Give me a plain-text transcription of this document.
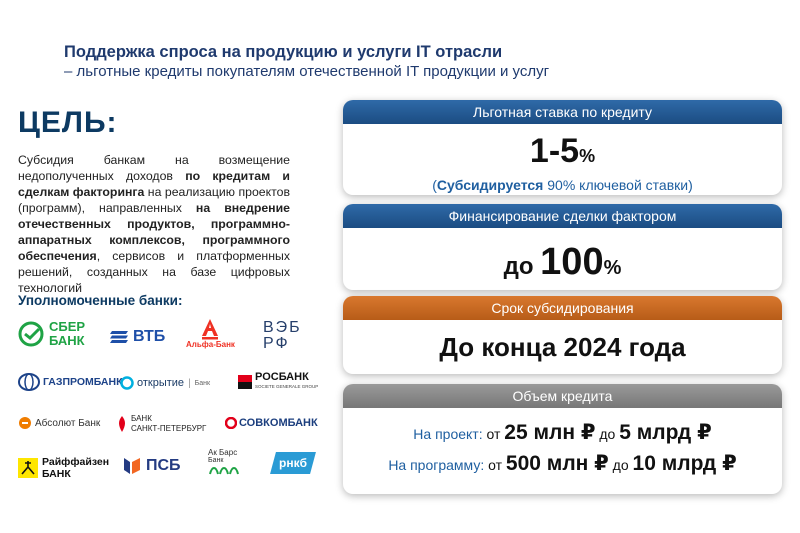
Поддержка спроса на продукцию и услуги IT отрасли
– льготные кредиты покупателям отечественной IT продукции и услуг
ЦЕЛЬ:
Субсидия банкам на возмещение недополученных доходов по кредитам и сделкам факторинга на реализацию проектов (программ), направленных на внедрение отечественных продуктов, программно- аппаратных комплексов, программного обеспечения, сервисов и платформенных решений, созданных на базе цифровых технологий
Уполномоченные банки:
СБЕР
БАНК	ВТБ	Альфа-Банк
ВЭБ
РФ
ГАЗПРОМБАНК открытие | Банк	РОСБАНК
SOCIETE GENERALE GROUP
Абсолют Банк	БАНК
САНКТ-ПЕТЕРБУРГ	СОВКОМБАНК
Райффайзен
БАНК	ПСБ
Ак Барс
Банк	рнкб
Льготная ставка по кредиту
1-5%
(Субсидируется 90% ключевой ставки)
Финансирование сделки фактором
до 100%
Срок субсидирования
До конца 2024 года
Объем кредита
На проект: от 25 млн ₽ до 5 млрд ₽
На программу: от 500 млн ₽ до 10 млрд ₽
